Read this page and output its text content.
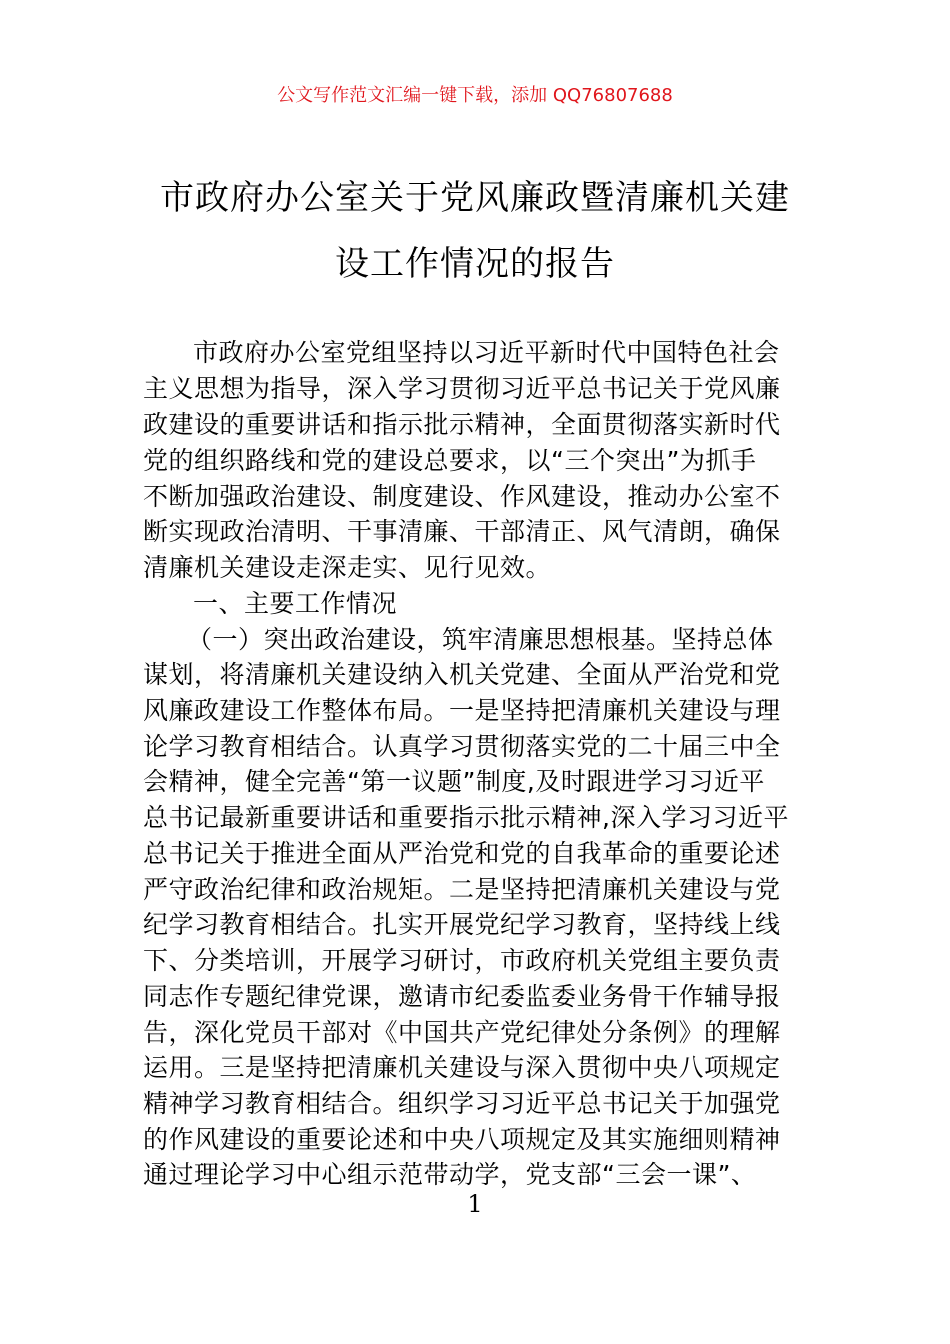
公文写作范文汇编一键下载，添加 QQ76807688
市政府办公室关于党风廉政暨清廉机关建
设工作情况的报告
市政府办公室党组坚持以习近平新时代中国特色社会
主义思想为指导，深入学习贯彻习近平总书记关于党风廉
政建设的重要讲话和指示批示精神，全面贯彻落实新时代
党的组织路线和党的建设总要求，以“三个突出”为抓手
不断加强政治建设、制度建设、作风建设，推动办公室不
断实现政治清明、干事清廉、干部清正、风气清朗，确保
清廉机关建设走深走实、见行见效。
一、主要工作情况
（一）突出政治建设，筑牢清廉思想根基。坚持总体
谋划，将清廉机关建设纳入机关党建、全面从严治党和党
风廉政建设工作整体布局。一是坚持把清廉机关建设与理
论学习教育相结合。认真学习贯彻落实党的二十届三中全
会精神，健全完善“第一议题”制度,及时跟进学习习近平
总书记最新重要讲话和重要指示批示精神,深入学习习近平
总书记关于推进全面从严治党和党的自我革命的重要论述
严守政治纪律和政治规矩。二是坚持把清廉机关建设与党
纪学习教育相结合。扎实开展党纪学习教育，坚持线上线
下、分类培训，开展学习研讨，市政府机关党组主要负责
同志作专题纪律党课，邀请市纪委监委业务骨干作辅导报
告，深化党员干部对《中国共产党纪律处分条例》的理解
运用。三是坚持把清廉机关建设与深入贯彻中央八项规定
精神学习教育相结合。组织学习习近平总书记关于加强党
的作风建设的重要论述和中央八项规定及其实施细则精神
通过理论学习中心组示范带动学，党支部“三会一课”、
1
